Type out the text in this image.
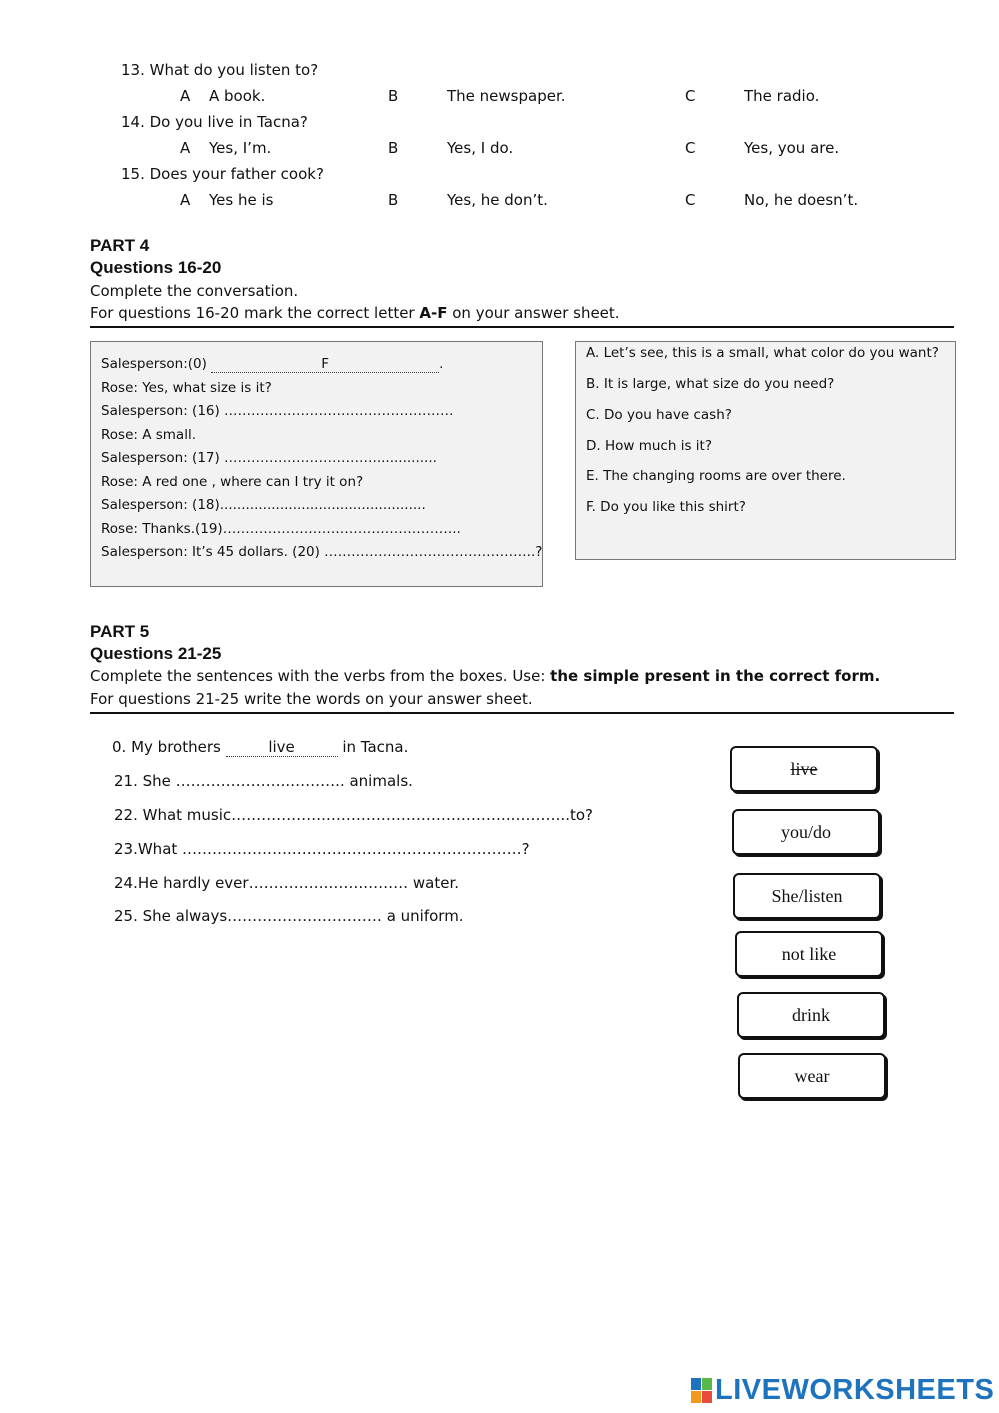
13. What do you listen to?
A A book.	B	The newspaper.	C	The radio.
14. Do you live in Tacna?
A Yes, I’m.	B	Yes, I do.	C	Yes, you are.
15. Does your father cook?
A Yes he is	B	Yes, he don’t.	C	No, he doesn’t.
PART 4
Questions 16-20
Complete the conversation.
For questions 16-20 mark the correct letter A-F on your answer sheet.
Salesperson:(0)	F	.
Rose: Yes, what size is it?
Salesperson: (16) ……………………………………………
Rose: A small.
Salesperson: (17) ……………………………...............
Rose: A red one , where can I try it on?
Salesperson: (18)................................................
Rose: Thanks.(19)……………………………………………..
Salesperson: It’s 45 dollars. (20) ………………………………………..?
A. Let’s see, this is a small, what color do you want?
B. It is large, what size do you need?
C. Do you have cash?
D. How much is it?
E. The changing rooms are over there.
F. Do you like this shirt?
PART 5
Questions 21-25
Complete the sentences with the verbs from the boxes. Use: the simple present in the correct form.
For questions 21-25 write the words on your answer sheet.
0. My brothers	live	in Tacna.
21. She …………………..……….. animals.
22. What music……………….………………………………..………..to?
23.What ………………….…………………………….…………?
24.He hardly ever…………….…….……… water.
25. She always……………….………… a uniform.
live
you/do
She/listen
not like
drink
wear
LIVEWORKSHEETS
